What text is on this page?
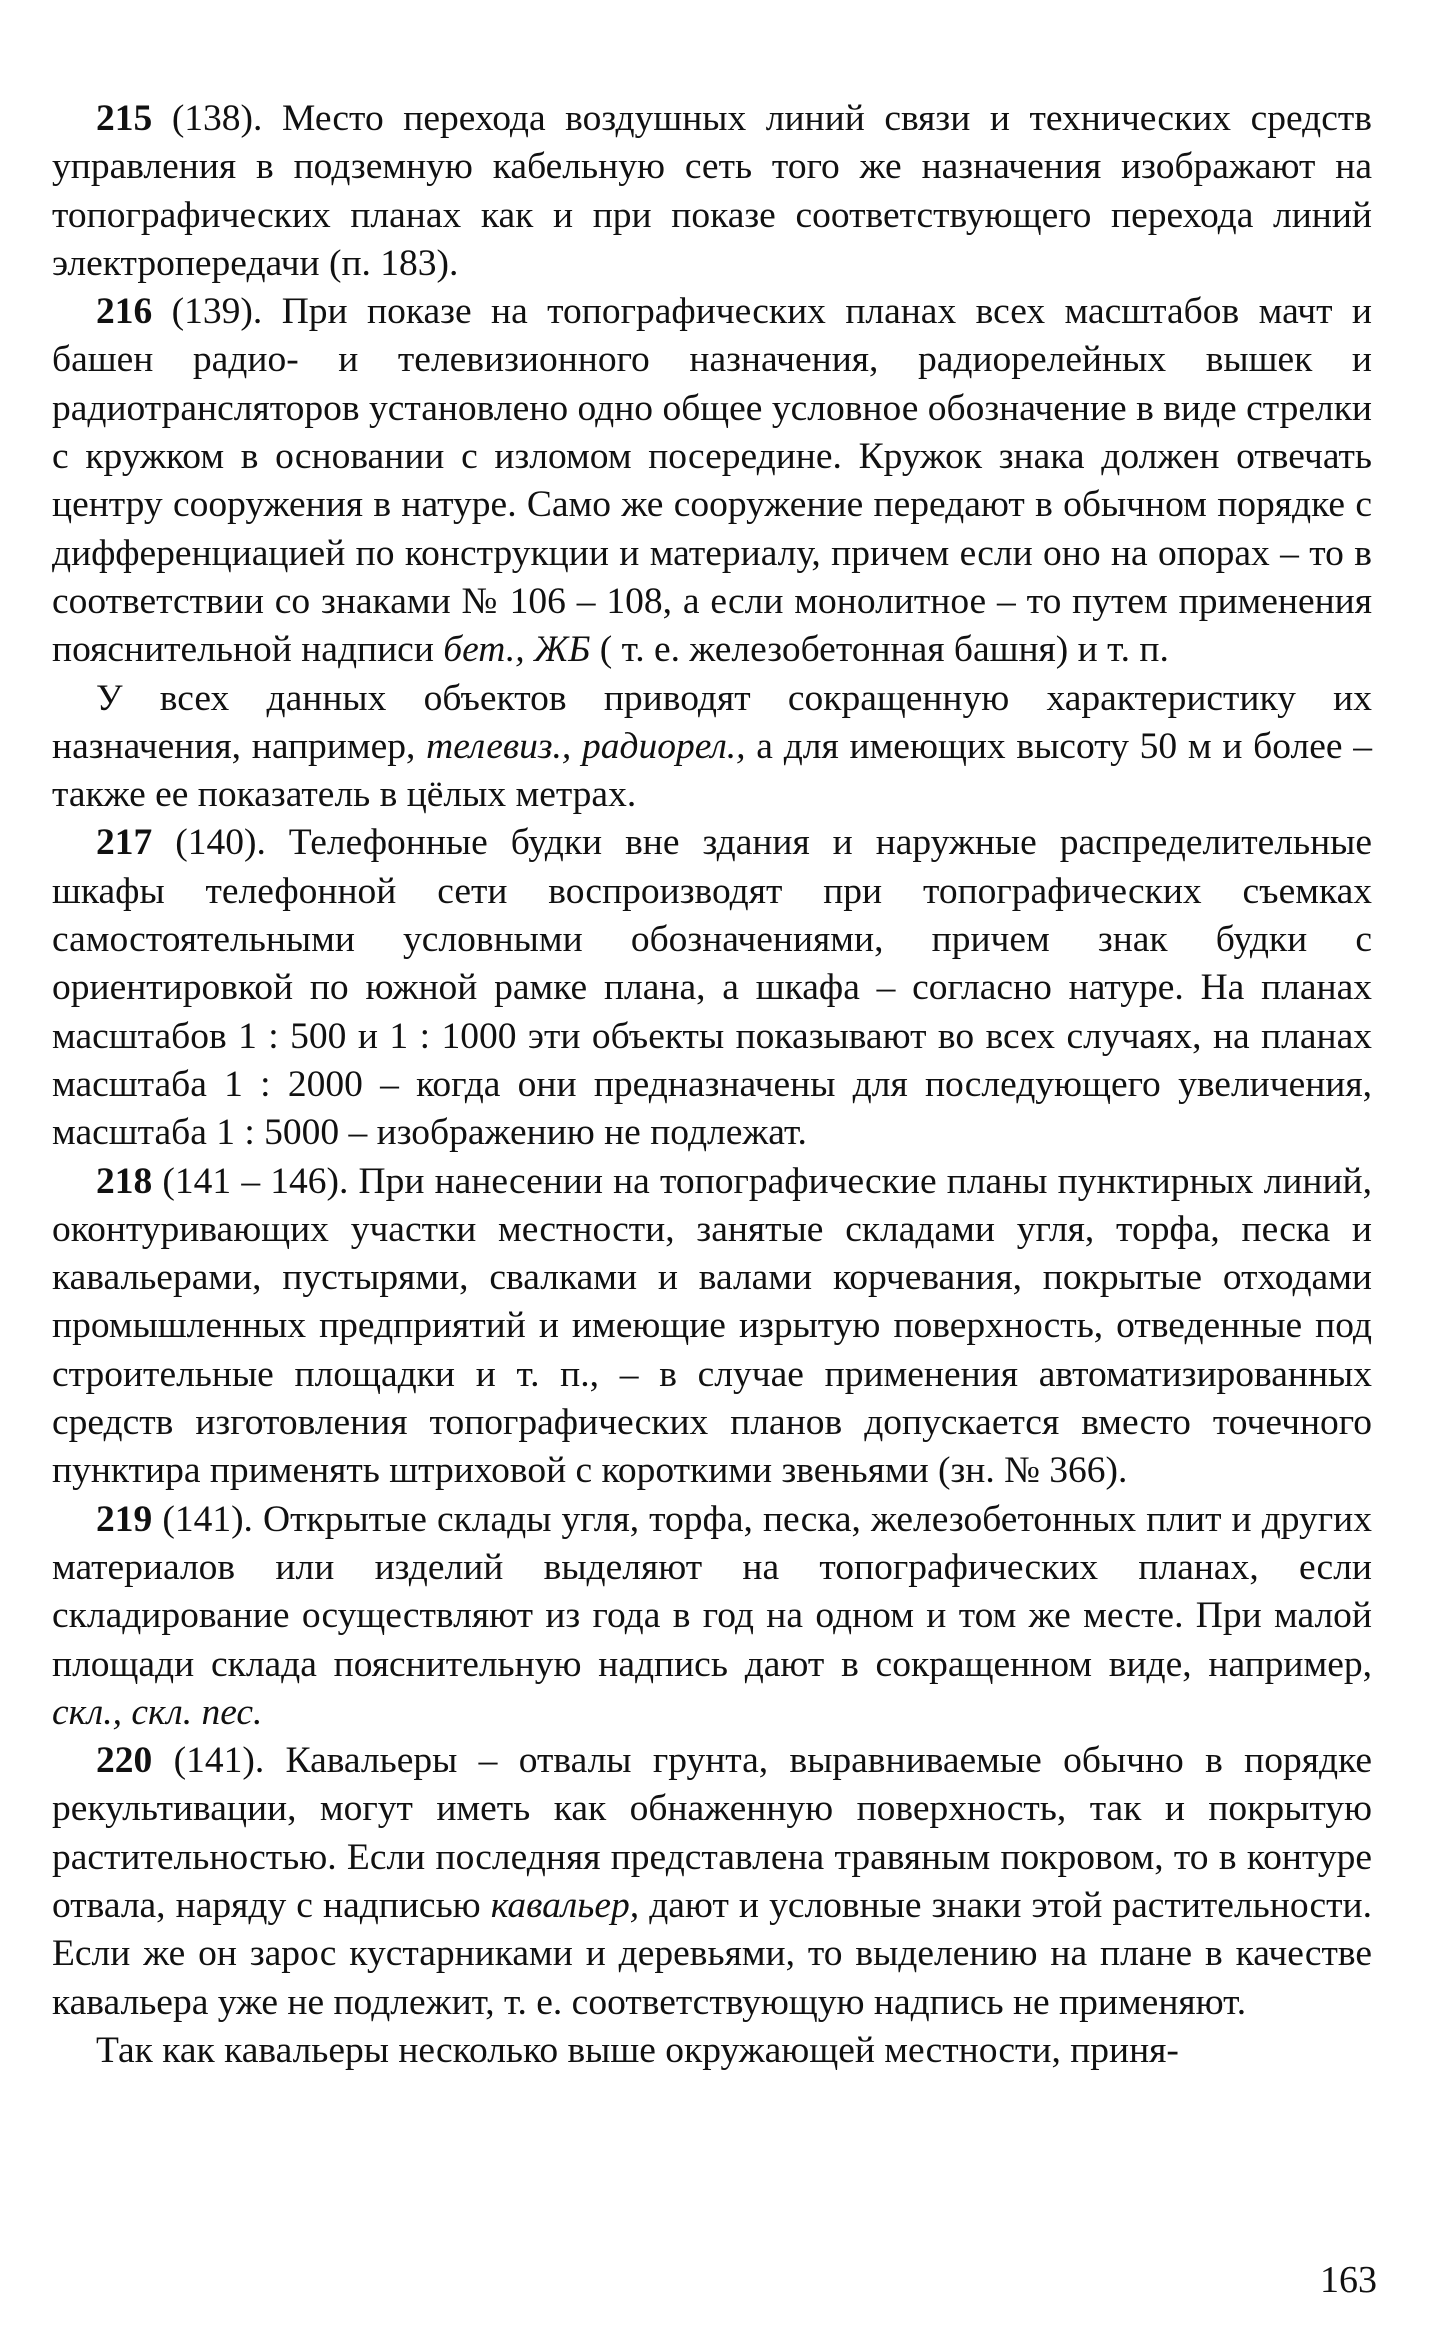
215 (138). Место перехода воздушных линий связи и технических средств управления в подземную кабельную сеть того же назначения изображают на топографических планах как и при показе соответствующего перехода линий электропередачи (п. 183).

216 (139). При показе на топографических планах всех масштабов мачт и башен радио- и телевизионного назначения, радиорелейных вышек и радиотрансляторов установлено одно общее условное обозначение в виде стрелки с кружком в основании с изломом посередине. Кружок знака должен отвечать центру сооружения в натуре. Само же сооружение передают в обычном порядке с дифференциацией по конструкции и материалу, причем если оно на опорах – то в соответствии со знаками № 106 – 108, а если монолитное – то путем применения пояснительной надписи бет., ЖБ ( т. е. железобетонная башня) и т. п.

У всех данных объектов приводят сокращенную характеристику их назначения, например, телевиз., радиорел., а для имеющих высоту 50 м и более – также ее показатель в цёлых метрах.

217 (140). Телефонные будки вне здания и наружные распределительные шкафы телефонной сети воспроизводят при топографических съемках самостоятельными условными обозначениями, причем знак будки с ориентировкой по южной рамке плана, а шкафа – согласно натуре. На планах масштабов 1 : 500 и 1 : 1000 эти объекты показывают во всех случаях, на планах масштаба 1 : 2000 – когда они предназначены для последующего увеличения, масштаба 1 : 5000 – изображению не подлежат.

218 (141 – 146). При нанесении на топографические планы пунктирных линий, оконтуривающих участки местности, занятые складами угля, торфа, песка и кавальерами, пустырями, свалками и валами корчевания, покрытые отходами промышленных предприятий и имеющие изрытую поверхность, отведенные под строительные площадки и т. п., – в случае применения автоматизированных средств изготовления топографических планов допускается вместо точечного пунктира применять штриховой с короткими звеньями (зн. № 366).

219 (141). Открытые склады угля, торфа, песка, железобетонных плит и других материалов или изделий выделяют на топографических планах, если складирование осуществляют из года в год на одном и том же месте. При малой площади склада пояснительную надпись дают в сокращенном виде, например, скл., скл. пес.

220 (141). Кавальеры – отвалы грунта, выравниваемые обычно в порядке рекультивации, могут иметь как обнаженную поверхность, так и покрытую растительностью. Если последняя представлена травяным покровом, то в контуре отвала, наряду с надписью кавальер, дают и условные знаки этой растительности. Если же он зарос кустарниками и деревьями, то выделению на плане в качестве кавальера уже не подлежит, т. е. соответствующую надпись не применяют.

Так как кавальеры несколько выше окружающей местности, приня-

163
